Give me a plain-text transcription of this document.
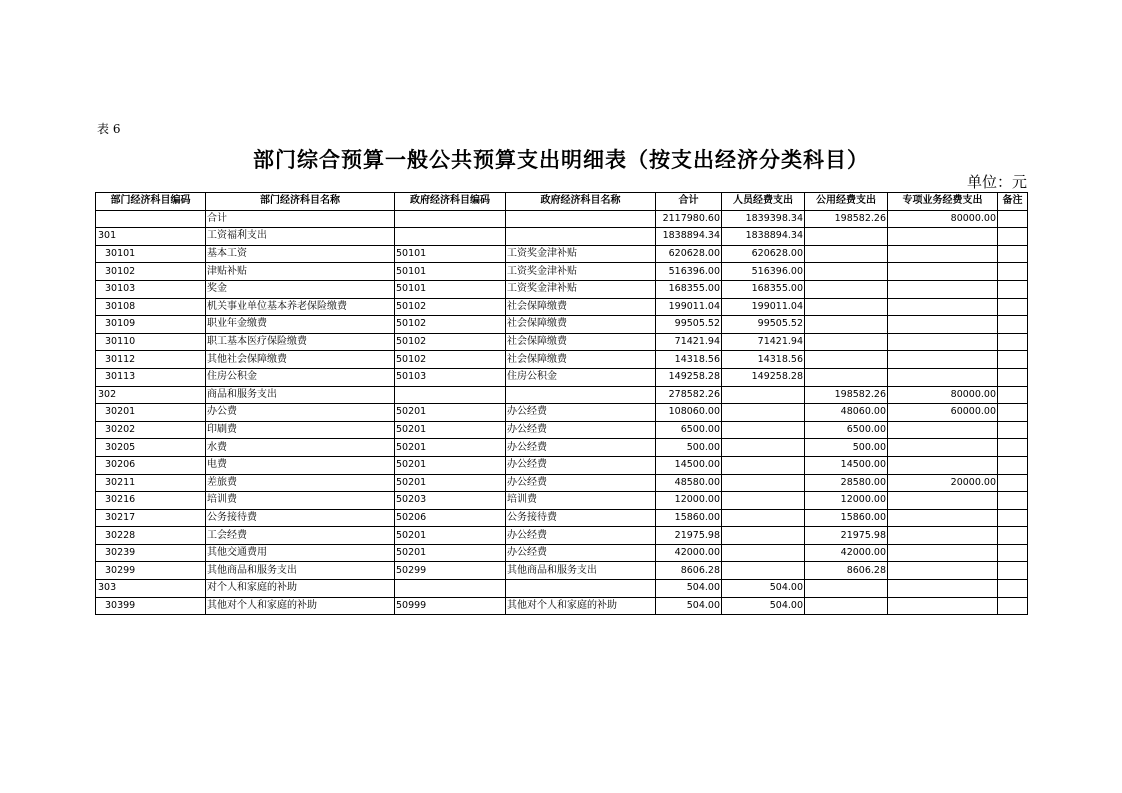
表 6
部门综合预算一般公共预算支出明细表（按支出经济分类科目）
单位：元
部门经济科目编码	部门经济科目名称	政府经济科目编码	政府经济科目名称	合计	人员经费支出	公用经费支出	专项业务经费支出	备注
	合计			2117980.60	1839398.34	198582.26	80000.00	
301	工资福利支出			1838894.34	1838894.34			
30101	基本工资	50101	工资奖金津补贴	620628.00	620628.00			
30102	津贴补贴	50101	工资奖金津补贴	516396.00	516396.00			
30103	奖金	50101	工资奖金津补贴	168355.00	168355.00			
30108	机关事业单位基本养老保险缴费	50102	社会保障缴费	199011.04	199011.04			
30109	职业年金缴费	50102	社会保障缴费	99505.52	99505.52			
30110	职工基本医疗保险缴费	50102	社会保障缴费	71421.94	71421.94			
30112	其他社会保障缴费	50102	社会保障缴费	14318.56	14318.56			
30113	住房公积金	50103	住房公积金	149258.28	149258.28			
302	商品和服务支出			278582.26		198582.26	80000.00	
30201	办公费	50201	办公经费	108060.00		48060.00	60000.00	
30202	印刷费	50201	办公经费	6500.00		6500.00		
30205	水费	50201	办公经费	500.00		500.00		
30206	电费	50201	办公经费	14500.00		14500.00		
30211	差旅费	50201	办公经费	48580.00		28580.00	20000.00	
30216	培训费	50203	培训费	12000.00		12000.00		
30217	公务接待费	50206	公务接待费	15860.00		15860.00		
30228	工会经费	50201	办公经费	21975.98		21975.98		
30239	其他交通费用	50201	办公经费	42000.00		42000.00		
30299	其他商品和服务支出	50299	其他商品和服务支出	8606.28		8606.28		
303	对个人和家庭的补助			504.00	504.00			
30399	其他对个人和家庭的补助	50999	其他对个人和家庭的补助	504.00	504.00			
